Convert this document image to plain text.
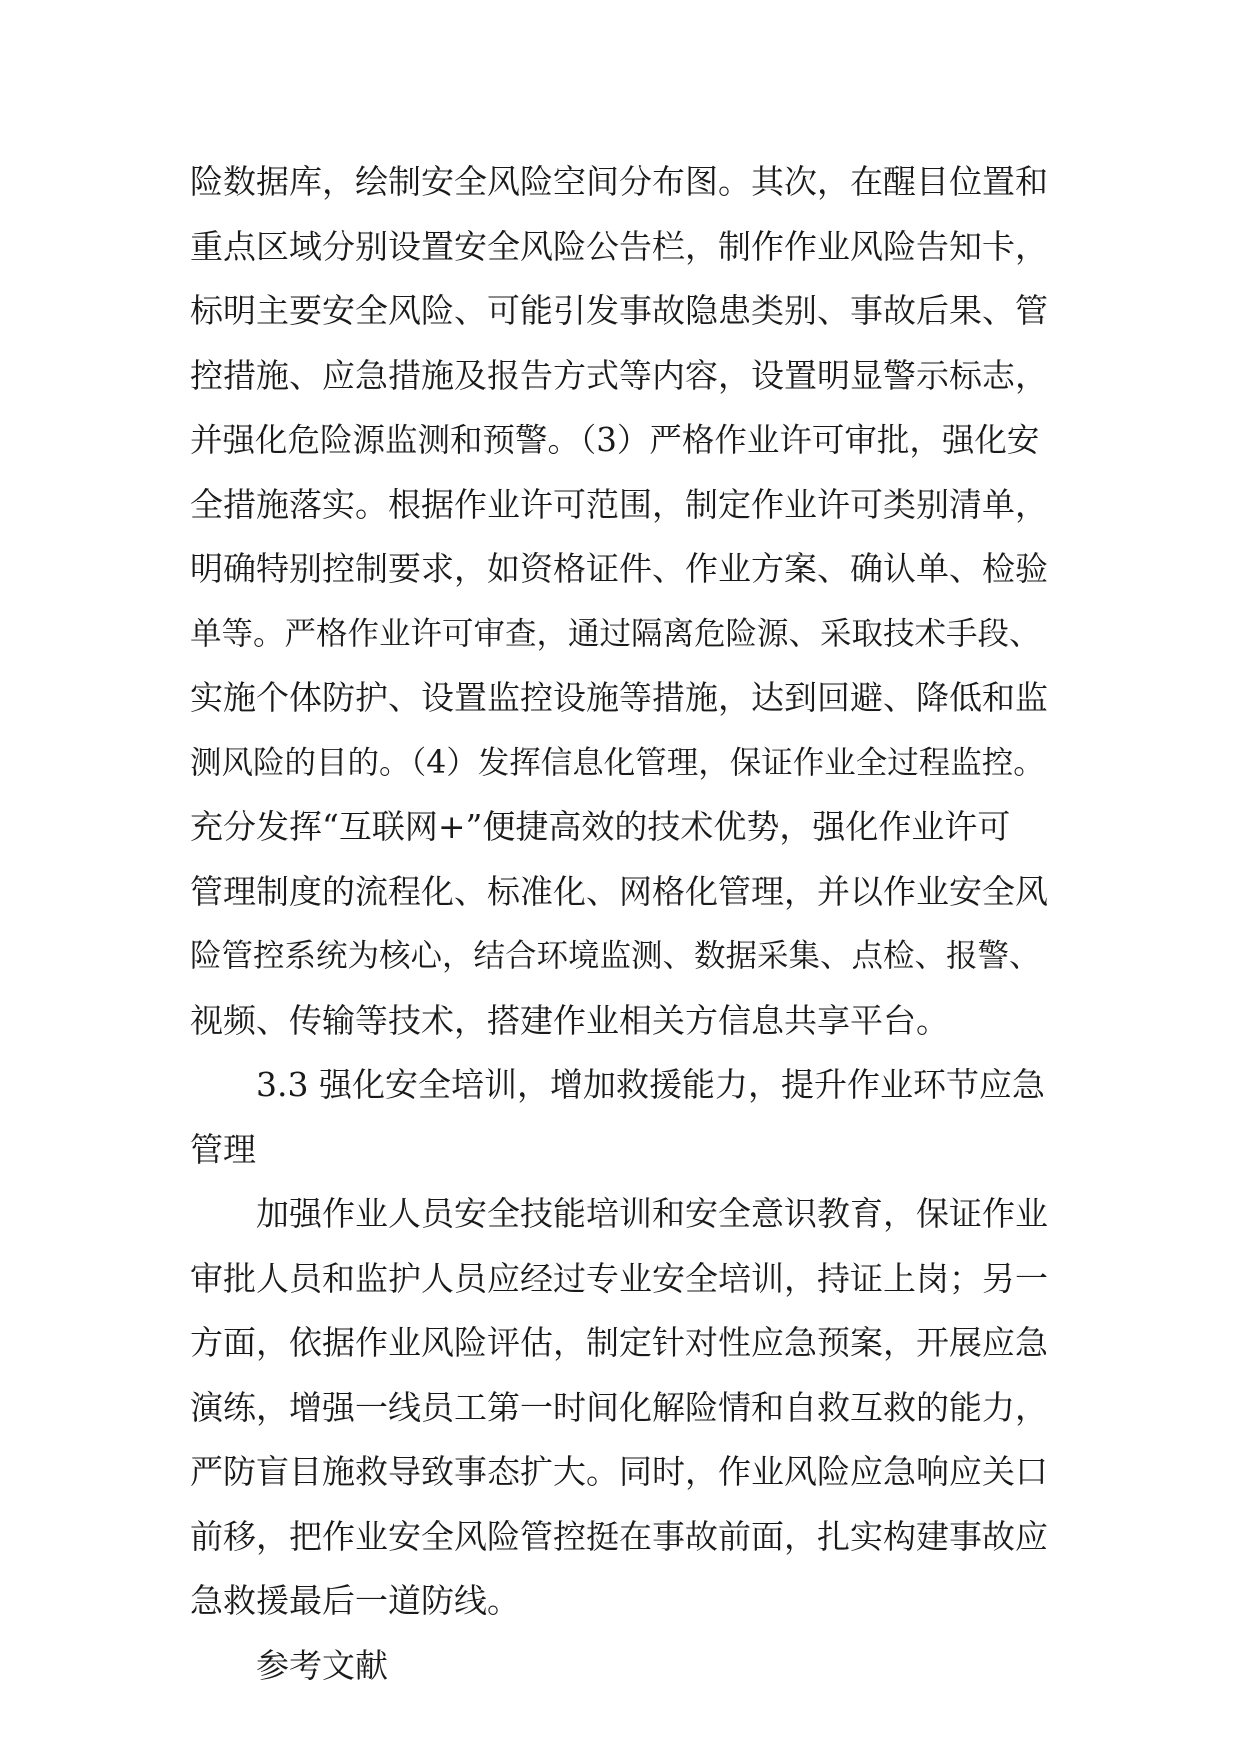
险数据库，绘制安全风险空间分布图。其次，在醒目位置和
重点区域分别设置安全风险公告栏，制作作业风险告知卡，
标明主要安全风险、可能引发事故隐患类别、事故后果、管
控措施、应急措施及报告方式等内容，设置明显警示标志，
并强化危险源监测和预警。（3）严格作业许可审批，强化安
全措施落实。根据作业许可范围，制定作业许可类别清单，
明确特别控制要求，如资格证件、作业方案、确认单、检验
单等。严格作业许可审查，通过隔离危险源、采取技术手段、
实施个体防护、设置监控设施等措施，达到回避、降低和监
测风险的目的。（4）发挥信息化管理，保证作业全过程监控。
充分发挥“互联网+”便捷高效的技术优势，强化作业许可
管理制度的流程化、标准化、网格化管理，并以作业安全风
险管控系统为核心，结合环境监测、数据采集、点检、报警、
视频、传输等技术，搭建作业相关方信息共享平台。
3.3 强化安全培训，增加救援能力，提升作业环节应急
管理
加强作业人员安全技能培训和安全意识教育，保证作业
审批人员和监护人员应经过专业安全培训，持证上岗；另一
方面，依据作业风险评估，制定针对性应急预案，开展应急
演练，增强一线员工第一时间化解险情和自救互救的能力，
严防盲目施救导致事态扩大。同时，作业风险应急响应关口
前移，把作业安全风险管控挺在事故前面，扎实构建事故应
急救援最后一道防线。
参考文献
